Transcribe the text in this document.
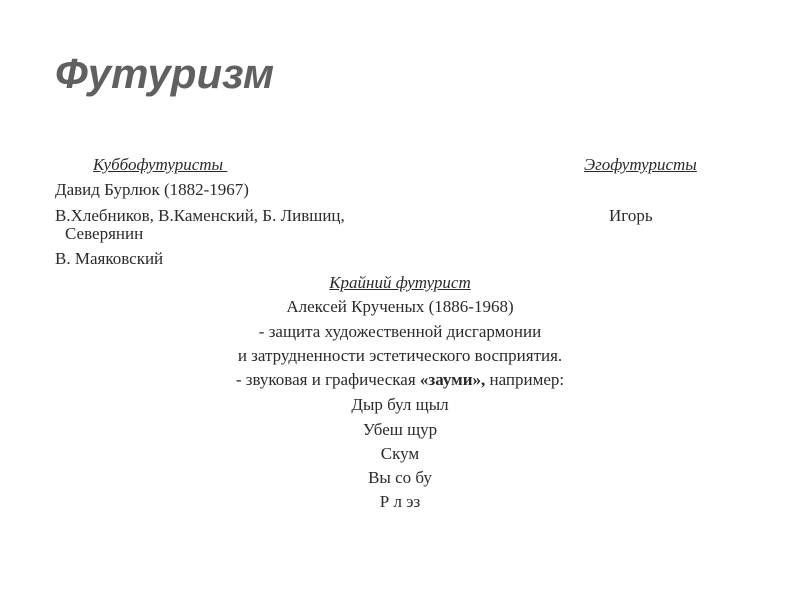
Футуризм
Куббофутуристы	Эгофутуристы
Давид Бурлюк (1882-1967)
В.Хлебников, В.Каменский, Б. Лившиц,	Игорь
Северянин
В. Маяковский
Крайний футурист
Алексей Крученых (1886-1968)
- защита художественной дисгармонии
и затрудненности эстетического восприятия.
- звуковая и графическая «зауми», например:
Дыр бул щыл
Убеш щур
Скум
Вы со бу
Р л эз
